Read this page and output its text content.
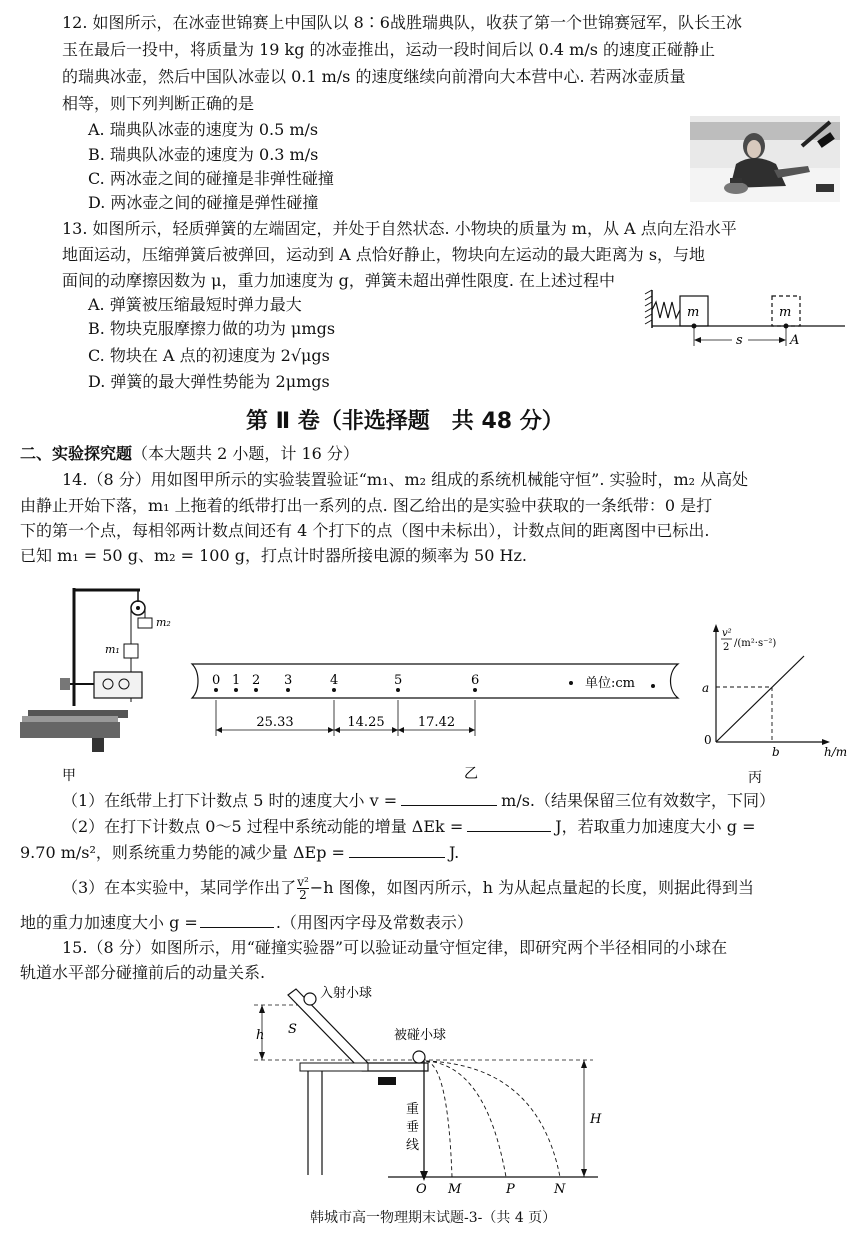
12. 如图所示，在冰壶世锦赛上中国队以 8∶6战胜瑞典队，收获了第一个世锦赛冠军，队长王冰
玉在最后一投中，将质量为 19 kg 的冰壶推出，运动一段时间后以 0.4 m/s 的速度正碰静止
的瑞典冰壶，然后中国队冰壶以 0.1 m/s 的速度继续向前滑向大本营中心. 若两冰壶质量
相等，则下列判断正确的是
A. 瑞典队冰壶的速度为 0.5 m/s
B. 瑞典队冰壶的速度为 0.3 m/s
C. 两冰壶之间的碰撞是非弹性碰撞
D. 两冰壶之间的碰撞是弹性碰撞
13. 如图所示，轻质弹簧的左端固定，并处于自然状态. 小物块的质量为 m，从 A 点向左沿水平
地面运动，压缩弹簧后被弹回，运动到 A 点恰好静止，物块向左运动的最大距离为 s，与地
面间的动摩擦因数为 μ，重力加速度为 g，弹簧未超出弹性限度. 在上述过程中
A. 弹簧被压缩最短时弹力最大
B. 物块克服摩擦力做的功为 μmgs
C. 物块在 A 点的初速度为 2√μgs
D. 弹簧的最大弹性势能为 2μmgs
m	m
s	A
第 Ⅱ 卷（非选择题　共 48 分）
二、实验探究题（本大题共 2 小题，计 16 分）
14.（8 分）用如图甲所示的实验装置验证“m₁、m₂ 组成的系统机械能守恒”. 实验时，m₂ 从高处
由静止开始下落，m₁ 上拖着的纸带打出一系列的点. 图乙给出的是实验中获取的一条纸带：0 是打
下的第一个点，每相邻两计数点间还有 4 个打下的点（图中未标出），计数点间的距离图中已标出.
已知 m₁ = 50 g、m₂ = 100 g，打点计时器所接电源的频率为 50 Hz.
m₂
m₁
甲
0 1 2 3	4	5	6	单位:cm
25.33	14.25	17.42
乙
v²
2 /(m²·s⁻²)
a
0
b	h/m
丙
（1）在纸带上打下计数点 5 时的速度大小 v =	m/s.（结果保留三位有效数字，下同）
（2）在打下计数点 0～5 过程中系统动能的增量 ΔEk =	J，若取重力加速度大小 g =
9.70 m/s²，则系统重力势能的减少量 ΔEp =	J.
（3）在本实验中，某同学作出了 $\frac{\text{v²}}{2} -h$ 图像，如图丙所示，h 为从起点量起的长度，则据此得到当
地的重力加速度大小 g =	.（用图丙字母及常数表示）
15.（8 分）如图所示，用“碰撞实验器”可以验证动量守恒定律，即研究两个半径相同的小球在
轨道水平部分碰撞前后的动量关系.
h
入射小球
S	被碰小球
重
垂
线
H
O M	P	N
韩城市高一物理期末试题-3-（共 4 页）
